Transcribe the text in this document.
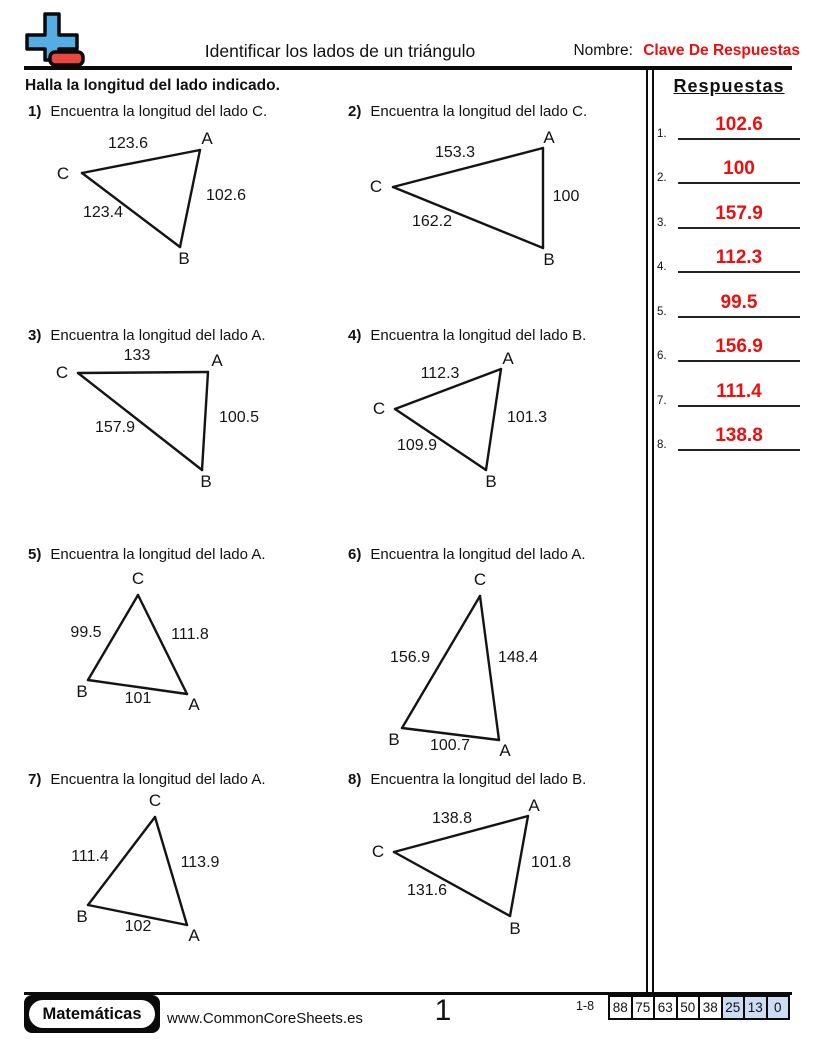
Identificar los lados de un triángulo	Nombre: Clave De Respuestas
Halla la longitud del lado indicado.
1) Encuentra la longitud del lado C.
C
A
B
123.6
102.6
123.4
2) Encuentra la longitud del lado C.
C
A
B
153.3
100
162.2
3) Encuentra la longitud del lado A.
C
A
B
133
100.5
157.9
4) Encuentra la longitud del lado B.
C
A
B
112.3
101.3
109.9
5) Encuentra la longitud del lado A.
C
B
A
99.5	111.8
101
6) Encuentra la longitud del lado A.
C
B
A
156.9	148.4
100.7
7) Encuentra la longitud del lado A.
C
B
A
111.4	113.9
102
8) Encuentra la longitud del lado B.
C
A
B
138.8
101.8
131.6
Respuestas
1.	102.6
2.	100
3.	157.9
4.	112.3
5.	99.5
6.	156.9
7.	111.4
8.	138.8
Matemáticas	www.CommonCoreSheets.es	1	1-8	88 75 63 50 38 25 13 0
